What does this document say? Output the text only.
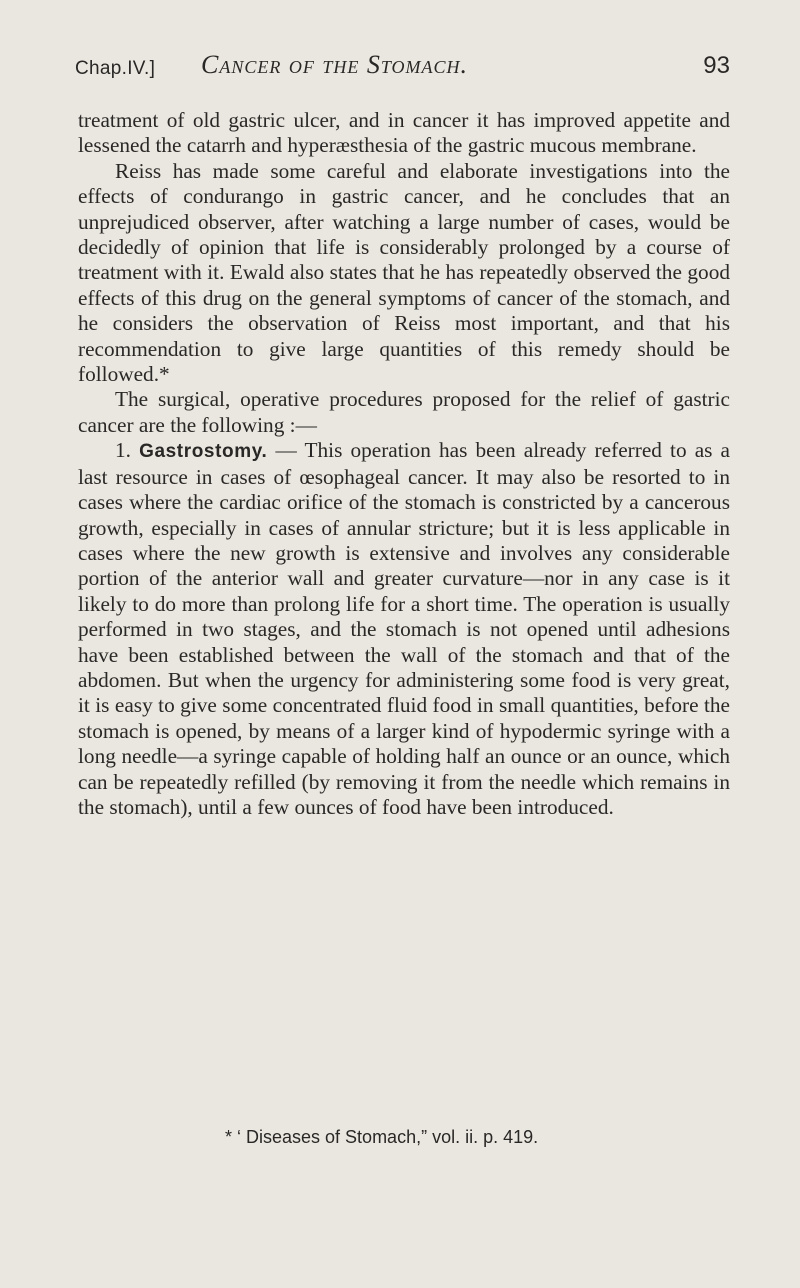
Chap.IV.] Cancer of the Stomach.	93

treatment of old gastric ulcer, and in cancer it has improved appetite and lessened the catarrh and hyperæsthesia of the gastric mucous membrane.

Reiss has made some careful and elaborate investigations into the effects of condurango in gastric cancer, and he concludes that an unprejudiced observer, after watching a large number of cases, would be decidedly of opinion that life is considerably prolonged by a course of treatment with it. Ewald also states that he has repeatedly observed the good effects of this drug on the general symptoms of cancer of the stomach, and he considers the observation of Reiss most important, and that his recommendation to give large quantities of this remedy should be followed.*

The surgical, operative procedures proposed for the relief of gastric cancer are the following :—

1. Gastrostomy. — This operation has been already referred to as a last resource in cases of œsophageal cancer. It may also be resorted to in cases where the cardiac orifice of the stomach is constricted by a cancerous growth, especially in cases of annular stricture; but it is less applicable in cases where the new growth is extensive and involves any considerable portion of the anterior wall and greater curvature—nor in any case is it likely to do more than prolong life for a short time. The operation is usually performed in two stages, and the stomach is not opened until adhesions have been established between the wall of the stomach and that of the abdomen. But when the urgency for administering some food is very great, it is easy to give some concentrated fluid food in small quantities, before the stomach is opened, by means of a larger kind of hypodermic syringe with a long needle—a syringe capable of holding half an ounce or an ounce, which can be repeatedly refilled (by removing it from the needle which remains in the stomach), until a few ounces of food have been introduced.

* ‘ Diseases of Stomach,” vol. ii. p. 419.
